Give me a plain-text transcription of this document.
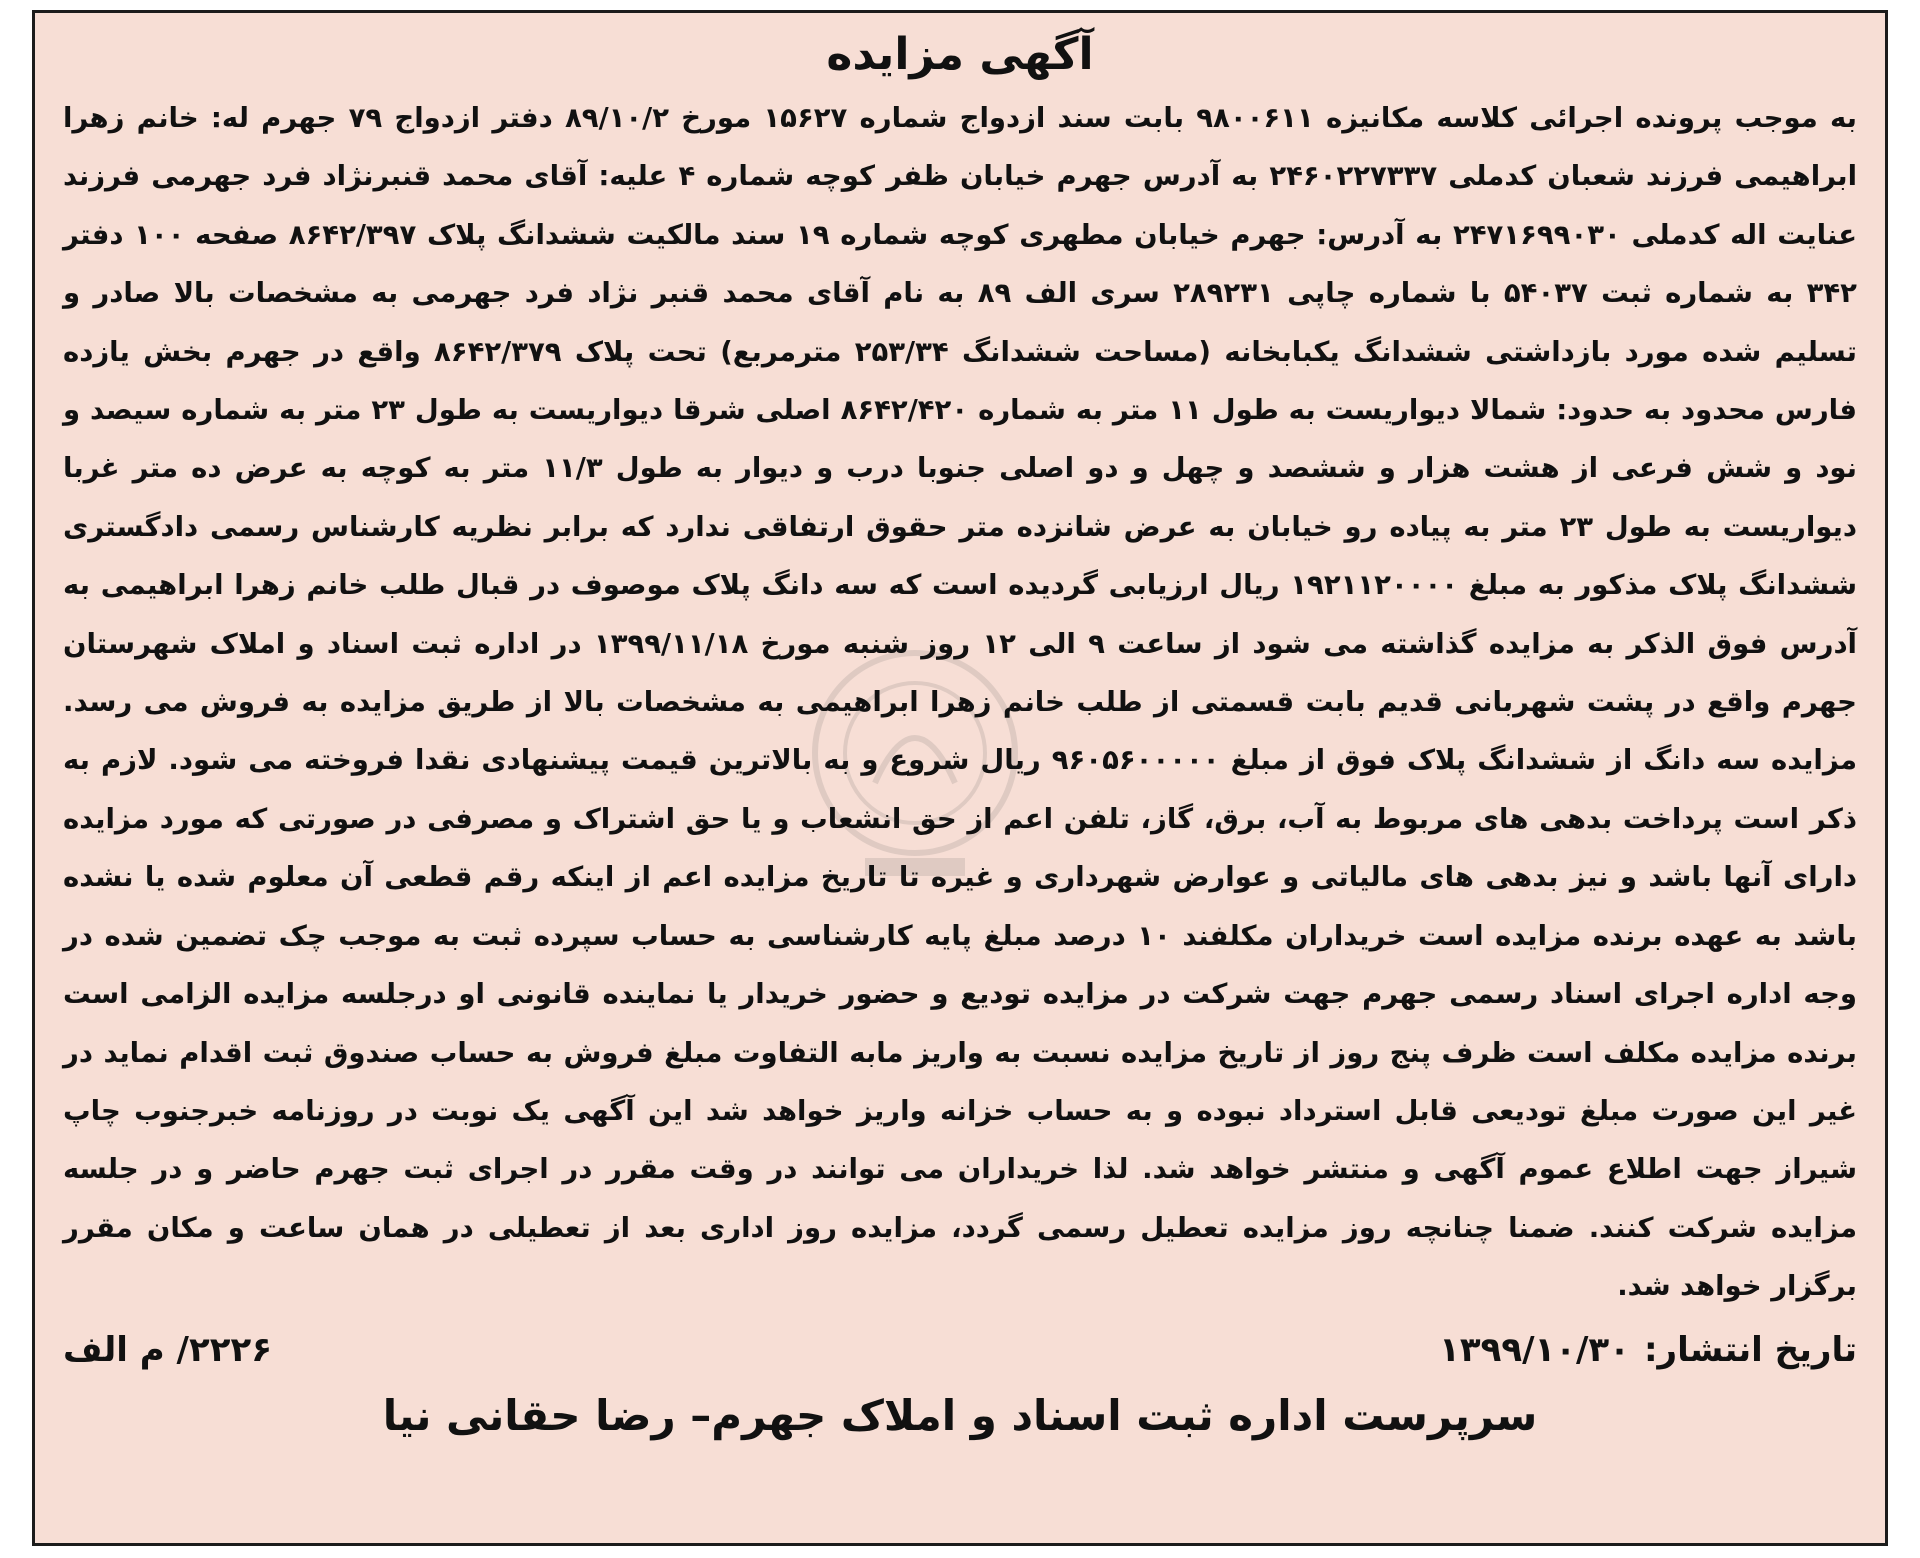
آگهی مزایده

به موجب پرونده اجرائی کلاسه مکانیزه ۹۸۰۰۶۱۱ بابت سند ازدواج شماره ۱۵۶۲۷ مورخ ۸۹/۱۰/۲ دفتر ازدواج ۷۹ جهرم له: خانم زهرا ابراهیمی فرزند شعبان کدملی ۲۴۶۰۲۲۷۳۳۷ به آدرس جهرم خیابان ظفر کوچه شماره ۴ علیه: آقای محمد قنبرنژاد فرد جهرمی فرزند عنایت اله کدملی ۲۴۷۱۶۹۹۰۳۰ به آدرس: جهرم خیابان مطهری کوچه شماره ۱۹ سند مالکیت ششدانگ پلاک ۸۶۴۲/۳۹۷ صفحه ۱۰۰ دفتر ۳۴۲ به شماره ثبت ۵۴۰۳۷ با شماره چاپی ۲۸۹۲۳۱ سری الف ۸۹ به نام آقای محمد قنبر نژاد فرد جهرمی به مشخصات بالا صادر و تسلیم شده مورد بازداشتی ششدانگ یکبابخانه (مساحت ششدانگ ۲۵۳/۳۴ مترمربع) تحت پلاک ۸۶۴۲/۳۷۹ واقع در جهرم بخش یازده فارس محدود به حدود: شمالا دیواریست به طول ۱۱ متر به شماره ۸۶۴۲/۴۲۰ اصلی شرقا دیواریست به طول ۲۳ متر به شماره سیصد و نود و شش فرعی از هشت هزار و ششصد و چهل و دو اصلی جنوبا درب و دیوار به طول ۱۱/۳ متر به کوچه به عرض ده متر غربا دیواریست به طول ۲۳ متر به پیاده رو خیابان به عرض شانزده متر حقوق ارتفاقی ندارد که برابر نظریه کارشناس رسمی دادگستری ششدانگ پلاک مذکور به مبلغ ۱۹۲۱۱۲۰۰۰۰ ریال ارزیابی گردیده است که سه دانگ پلاک موصوف در قبال طلب خانم زهرا ابراهیمی به آدرس فوق الذکر به مزایده گذاشته می شود از ساعت ۹ الی ۱۲ روز شنبه مورخ ۱۳۹۹/۱۱/۱۸ در اداره ثبت اسناد و املاک شهرستان جهرم واقع در پشت شهربانی قدیم بابت قسمتی از طلب خانم زهرا ابراهیمی به مشخصات بالا از طریق مزایده به فروش می رسد. مزایده سه دانگ از ششدانگ پلاک فوق از مبلغ ۹۶۰۵۶۰۰۰۰۰ ریال شروع و به بالاترین قیمت پیشنهادی نقدا فروخته می شود. لازم به ذکر است پرداخت بدهی های مربوط به آب، برق، گاز، تلفن اعم از حق انشعاب و یا حق اشتراک و مصرفی در صورتی که مورد مزایده دارای آنها باشد و نیز بدهی های مالیاتی و عوارض شهرداری و غیره تا تاریخ مزایده اعم از اینکه رقم قطعی آن معلوم شده یا نشده باشد به عهده برنده مزایده است خریداران مکلفند ۱۰ درصد مبلغ پایه کارشناسی به حساب سپرده ثبت به موجب چک تضمین شده در وجه اداره اجرای اسناد رسمی جهرم جهت شرکت در مزایده تودیع و حضور خریدار یا نماینده قانونی او درجلسه مزایده الزامی است برنده مزایده مکلف است ظرف پنج روز از تاریخ مزایده نسبت به واریز مابه التفاوت مبلغ فروش به حساب صندوق ثبت اقدام نماید در غیر این صورت مبلغ تودیعی قابل استرداد نبوده و به حساب خزانه واریز خواهد شد این آگهی یک نوبت در روزنامه خبرجنوب چاپ شیراز جهت اطلاع عموم آگهی و منتشر خواهد شد. لذا خریداران می توانند در وقت مقرر در اجرای ثبت جهرم حاضر و در جلسه مزایده شرکت کنند. ضمنا چنانچه روز مزایده تعطیل رسمی گردد، مزایده روز اداری بعد از تعطیلی در همان ساعت و مکان مقرر برگزار خواهد شد.

تاریخ انتشار:
۱۳۹۹/۱۰/۳۰
۲۲۲۶/ م الف
سرپرست اداره ثبت اسناد و املاک جهرم– رضا حقانی نیا
